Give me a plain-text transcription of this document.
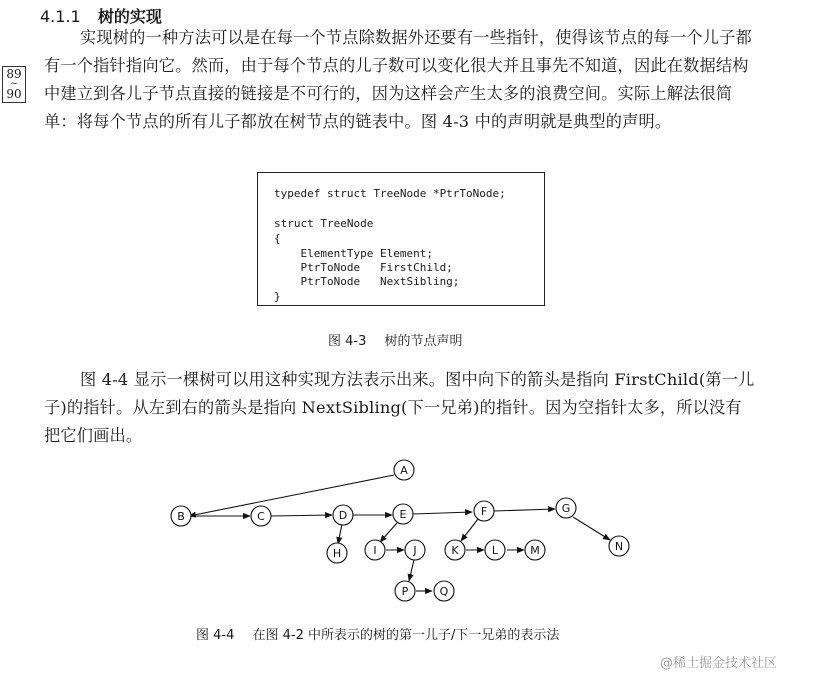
4.1.1 树的实现
89
~
90
实现树的一种方法可以是在每一个节点除数据外还要有一些指针，使得该节点的每一个儿子都有一个指针指向它。然而，由于每个节点的儿子数可以变化很大并且事先不知道，因此在数据结构中建立到各儿子节点直接的链接是不可行的，因为这样会产生太多的浪费空间。实际上解法很简单：将每个节点的所有儿子都放在树节点的链表中。图 4-3 中的声明就是典型的声明。
typedef struct TreeNode *PtrToNode;
struct TreeNode
{
ElementType Element;
PtrToNode   FirstChild;
PtrToNode   NextSibling;
}
图 4-3 树的节点声明
图 4-4 显示一棵树可以用这种实现方法表示出来。图中向下的箭头是指向 FirstChild(第一儿子)的指针。从左到右的箭头是指向 NextSibling(下一兄弟)的指针。因为空指针太多，所以没有把它们画出。
A
B	C	D	E	F	G
H	I	J	K	L	M	N
P	Q
图 4-4 在图 4-2 中所表示的树的第一儿子/下一兄弟的表示法
@稀土掘金技术社区
